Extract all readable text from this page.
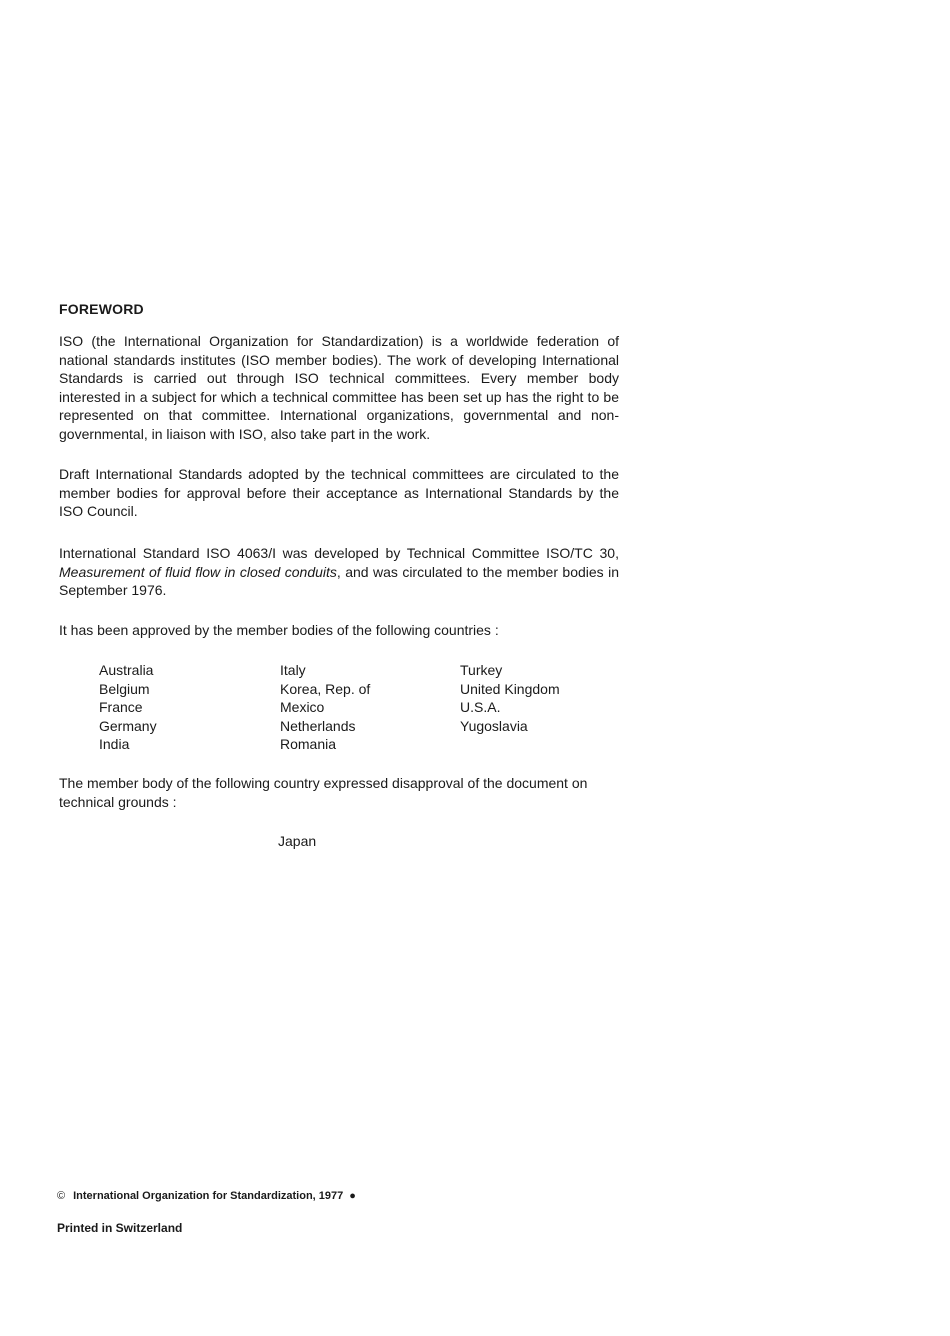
FOREWORD

ISO (the International Organization for Standardization) is a worldwide federation of national standards institutes (ISO member bodies). The work of developing International Standards is carried out through ISO technical committees. Every member body interested in a subject for which a technical committee has been set up has the right to be represented on that committee. International organizations, governmental and non-governmental, in liaison with ISO, also take part in the work.

Draft International Standards adopted by the technical committees are circulated to the member bodies for approval before their acceptance as International Standards by the ISO Council.

International Standard ISO 4063/I was developed by Technical Committee ISO/TC 30, Measurement of fluid flow in closed conduits, and was circulated to the member bodies in September 1976.

It has been approved by the member bodies of the following countries :

Australia
Belgium
France
Germany
India
Italy
Korea, Rep. of
Mexico
Netherlands
Romania
Turkey
United Kingdom
U.S.A.
Yugoslavia

The member body of the following country expressed disapproval of the document on technical grounds :

Japan
© International Organization for Standardization, 1977 ●
Printed in Switzerland
